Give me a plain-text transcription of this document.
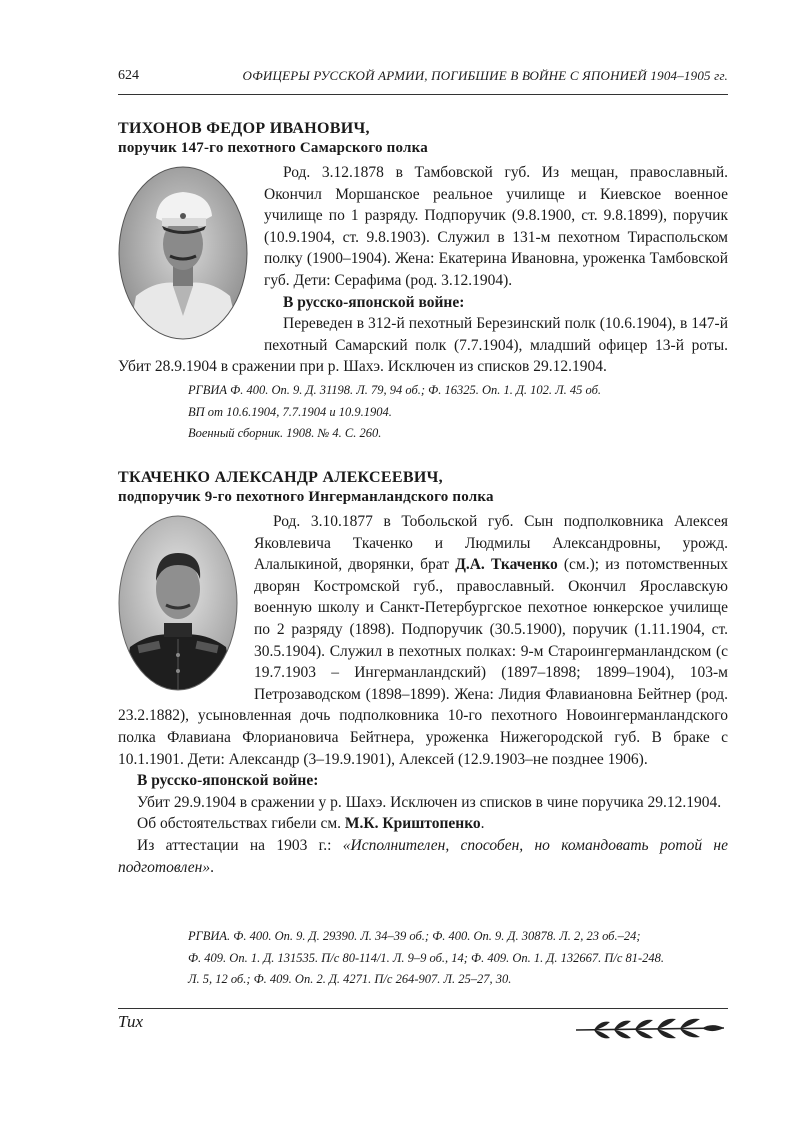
624	ОФИЦЕРЫ РУССКОЙ АРМИИ, ПОГИБШИЕ В ВОЙНЕ С ЯПОНИЕЙ 1904–1905 гг.
ТИХОНОВ ФЕДОР ИВАНОВИЧ,
поручик 147-го пехотного Самарского полка

Род. 3.12.1878 в Тамбовской губ. Из мещан, православный. Окончил Моршанское реальное училище и Киевское военное училище по 1 разряду. Подпоручик (9.8.1900, ст. 9.8.1899), поручик (10.9.1904, ст. 9.8.1903). Служил в 131-м пехотном Тираспольском полку (1900–1904). Жена: Екатерина Ивановна, уроженка Тамбовской губ. Дети: Серафима (род. 3.12.1904).

В русско-японской войне:

Переведен в 312-й пехотный Березинский полк (10.6.1904), в 147-й пехотный Самарский полк (7.7.1904), младший офицер 13-й роты. Убит 28.9.1904 в сражении при р. Шахэ. Исключен из списков 29.12.1904.

РГВИА Ф. 400. Оп. 9. Д. 31198. Л. 79, 94 об.; Ф. 16325. Оп. 1. Д. 102. Л. 45 об.
ВП от 10.6.1904, 7.7.1904 и 10.9.1904.
Военный сборник. 1908. № 4. С. 260.
ТКАЧЕНКО АЛЕКСАНДР АЛЕКСЕЕВИЧ,
подпоручик 9-го пехотного Ингерманландского полка

Род. 3.10.1877 в Тобольской губ. Сын подполковника Алексея Яковлевича Ткаченко и Людмилы Александровны, урожд. Алалыкиной, дворянки, брат Д.А. Ткаченко (см.); из потомственных дворян Костромской губ., православный. Окончил Ярославскую военную школу и Санкт-Петербургское пехотное юнкерское училище по 2 разряду (1898). Подпоручик (30.5.1900), поручик (1.11.1904, ст. 30.5.1904). Служил в пехотных полках: 9-м Староингерманландском (с 19.7.1903 – Ингерманландский) (1897–1898; 1899–1904), 103-м Петрозаводском (1898–1899). Жена: Лидия Флавиановна Бейтнер (род. 23.2.1882), усыновленная дочь подполковника 10-го пехотного Новоингерманландского полка Флавиана Флориановича Бейтнера, уроженка Нижегородской губ. В браке с 10.1.1901. Дети: Александр (3–19.9.1901), Алексей (12.9.1903–не позднее 1906).

В русско-японской войне:

Убит 29.9.1904 в сражении у р. Шахэ. Исключен из списков в чине поручика 29.12.1904.

Об обстоятельствах гибели см. М.К. Криштопенко.

Из аттестации на 1903 г.: «Исполнителен, способен, но командовать ротой не подготовлен».

РГВИА. Ф. 400. Оп. 9. Д. 29390. Л. 34–39 об.; Ф. 400. Оп. 9. Д. 30878. Л. 2, 23 об.–24;
Ф. 409. Оп. 1. Д. 131535. П/с 80-114/1. Л. 9–9 об., 14; Ф. 409. Оп. 1. Д. 132667. П/с 81-248.
Л. 5, 12 об.; Ф. 409. Оп. 2. Д. 4271. П/с 264-907. Л. 25–27, 30.
Тих
